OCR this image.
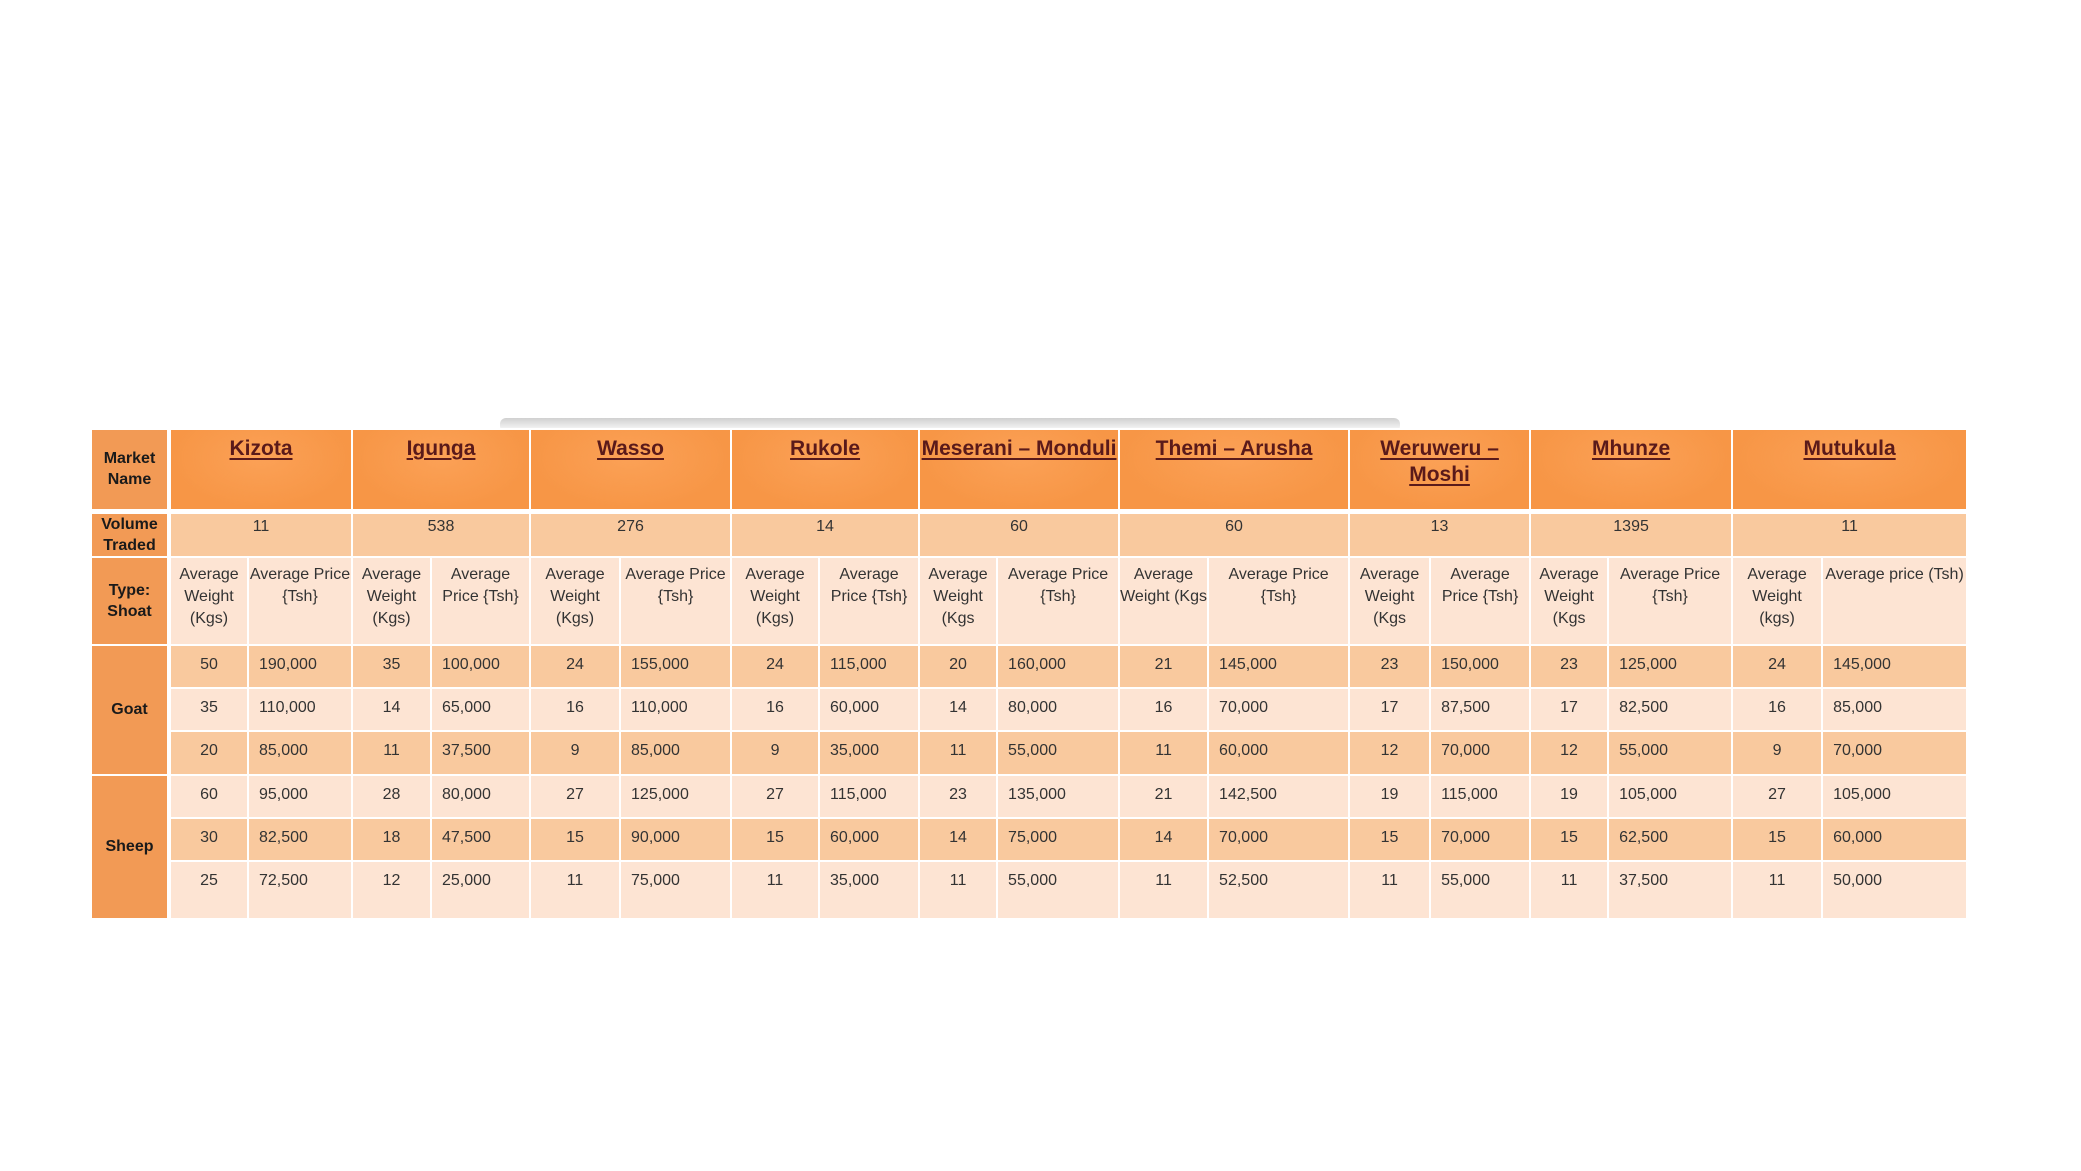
Market Name	Kizota		Igunga		Wasso		Rukole		Meserani – Monduli		Themi – Arusha		Weruweru – Moshi		Mhunze		Mutukula	
Volume Traded	11		538		276		14		60		60		13		1395		11	
Type: Shoat	Average Weight (Kgs)	Average Price {Tsh}	Average Weight (Kgs)	Average Price {Tsh}	Average Weight (Kgs)	Average Price {Tsh}	Average Weight (Kgs)	Average Price {Tsh}	Average Weight (Kgs	Average Price {Tsh}	Average Weight (Kgs	Average Price {Tsh}	Average Weight (Kgs	Average Price {Tsh}	Average Weight (Kgs	Average Price {Tsh}	Average Weight (kgs)	Average price (Tsh)
Goat	50	190,000	35	100,000	24	155,000	24	115,000	20	160,000	21	145,000	23	150,000	23	125,000	24	145,000
	35	110,000	14	65,000	16	110,000	16	60,000	14	80,000	16	70,000	17	87,500	17	82,500	16	85,000
	20	85,000	11	37,500	9	85,000	9	35,000	11	55,000	11	60,000	12	70,000	12	55,000	9	70,000
Sheep	60	95,000	28	80,000	27	125,000	27	115,000	23	135,000	21	142,500	19	115,000	19	105,000	27	105,000
	30	82,500	18	47,500	15	90,000	15	60,000	14	75,000	14	70,000	15	70,000	15	62,500	15	60,000
	25	72,500	12	25,000	11	75,000	11	35,000	11	55,000	11	52,500	11	55,000	11	37,500	11	50,000
